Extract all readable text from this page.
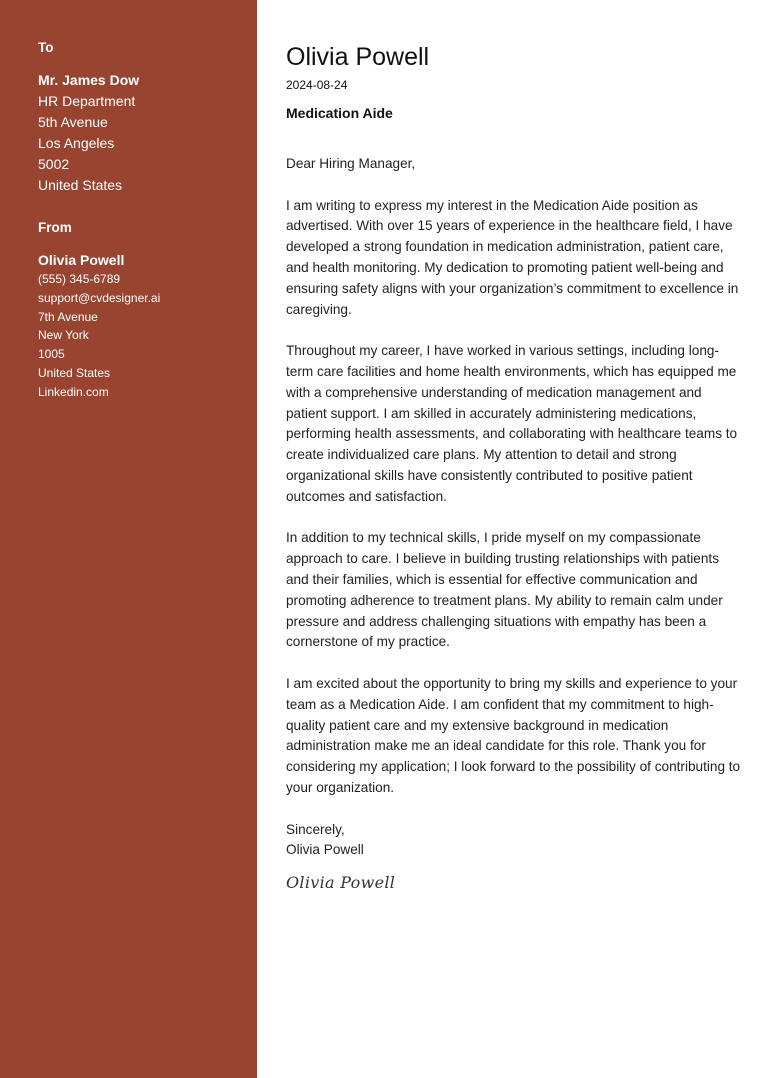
To
Mr. James Dow
HR Department
5th Avenue
Los Angeles
5002
United States
From
Olivia Powell
(555) 345-6789
support@cvdesigner.ai
7th Avenue
New York
1005
United States
Linkedin.com
Olivia Powell
2024-08-24
Medication Aide

Dear Hiring Manager,

I am writing to express my interest in the Medication Aide position as advertised. With over 15 years of experience in the healthcare field, I have developed a strong foundation in medication administration, patient care, and health monitoring. My dedication to promoting patient well-being and ensuring safety aligns with your organization’s commitment to excellence in caregiving.

Throughout my career, I have worked in various settings, including long-term care facilities and home health environments, which has equipped me with a comprehensive understanding of medication management and patient support. I am skilled in accurately administering medications, performing health assessments, and collaborating with healthcare teams to create individualized care plans. My attention to detail and strong organizational skills have consistently contributed to positive patient outcomes and satisfaction.

In addition to my technical skills, I pride myself on my compassionate approach to care. I believe in building trusting relationships with patients and their families, which is essential for effective communication and promoting adherence to treatment plans. My ability to remain calm under pressure and address challenging situations with empathy has been a cornerstone of my practice.

I am excited about the opportunity to bring my skills and experience to your team as a Medication Aide. I am confident that my commitment to high-quality patient care and my extensive background in medication administration make me an ideal candidate for this role. Thank you for considering my application; I look forward to the possibility of contributing to your organization.

Sincerely,
Olivia Powell
Olivia Powell
